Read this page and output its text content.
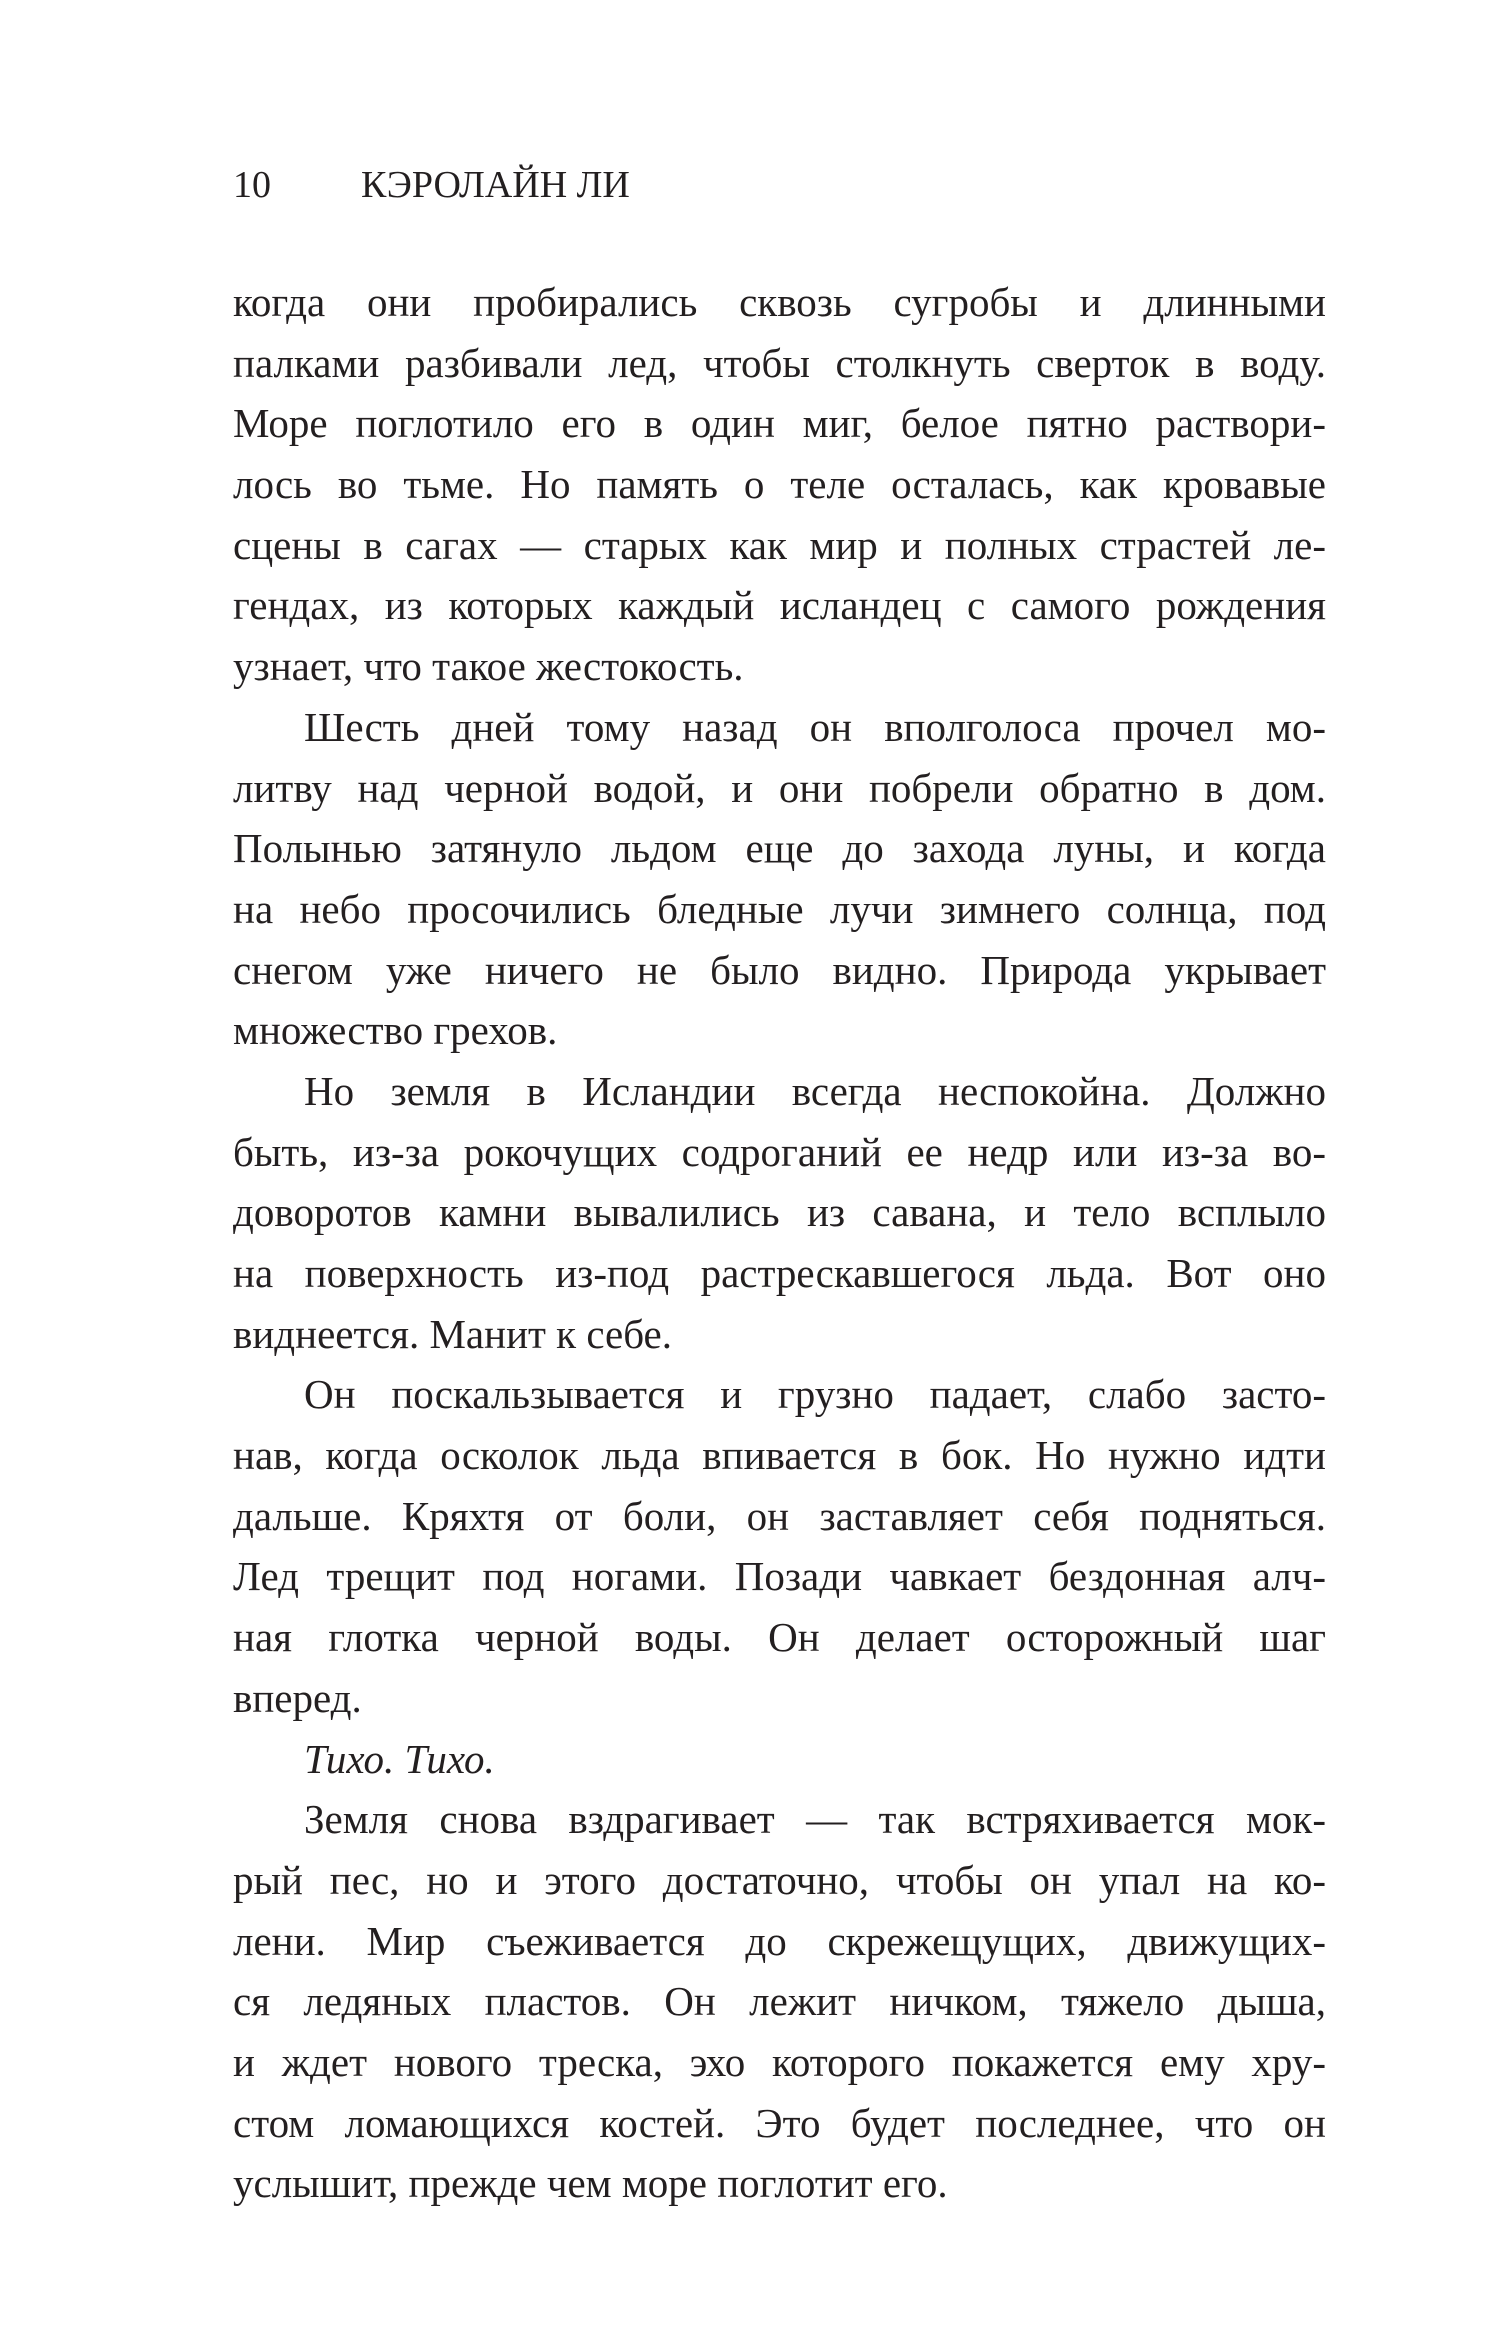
10 КЭРОЛАЙН ЛИ
когда они пробирались сквозь сугробы и длинными
палками разбивали лед, чтобы столкнуть сверток в воду.
Море поглотило его в один миг, белое пятно раствори-
лось во тьме. Но память о теле осталась, как кровавые
сцены в сагах — старых как мир и полных страстей ле-
гендах, из которых каждый исландец с самого рождения
узнает, что такое жестокость.
Шесть дней тому назад он вполголоса прочел мо-
литву над черной водой, и они побрели обратно в дом.
Полынью затянуло льдом еще до захода луны, и когда
на небо просочились бледные лучи зимнего солнца, под
снегом уже ничего не было видно. Природа укрывает
множество грехов.
Но земля в Исландии всегда неспокойна. Должно
быть, из-за рокочущих содроганий ее недр или из-за во-
доворотов камни вывалились из савана, и тело всплыло
на поверхность из-под растрескавшегося льда. Вот оно
виднеется. Манит к себе.
Он поскальзывается и грузно падает, слабо засто-
нав, когда осколок льда впивается в бок. Но нужно идти
дальше. Кряхтя от боли, он заставляет себя подняться.
Лед трещит под ногами. Позади чавкает бездонная алч-
ная глотка черной воды. Он делает осторожный шаг
вперед.
Тихо. Тихо.
Земля снова вздрагивает — так встряхивается мок-
рый пес, но и этого достаточно, чтобы он упал на ко-
лени. Мир съеживается до скрежещущих, движущих-
ся ледяных пластов. Он лежит ничком, тяжело дыша,
и ждет нового треска, эхо которого покажется ему хру-
стом ломающихся костей. Это будет последнее, что он
услышит, прежде чем море поглотит его.
